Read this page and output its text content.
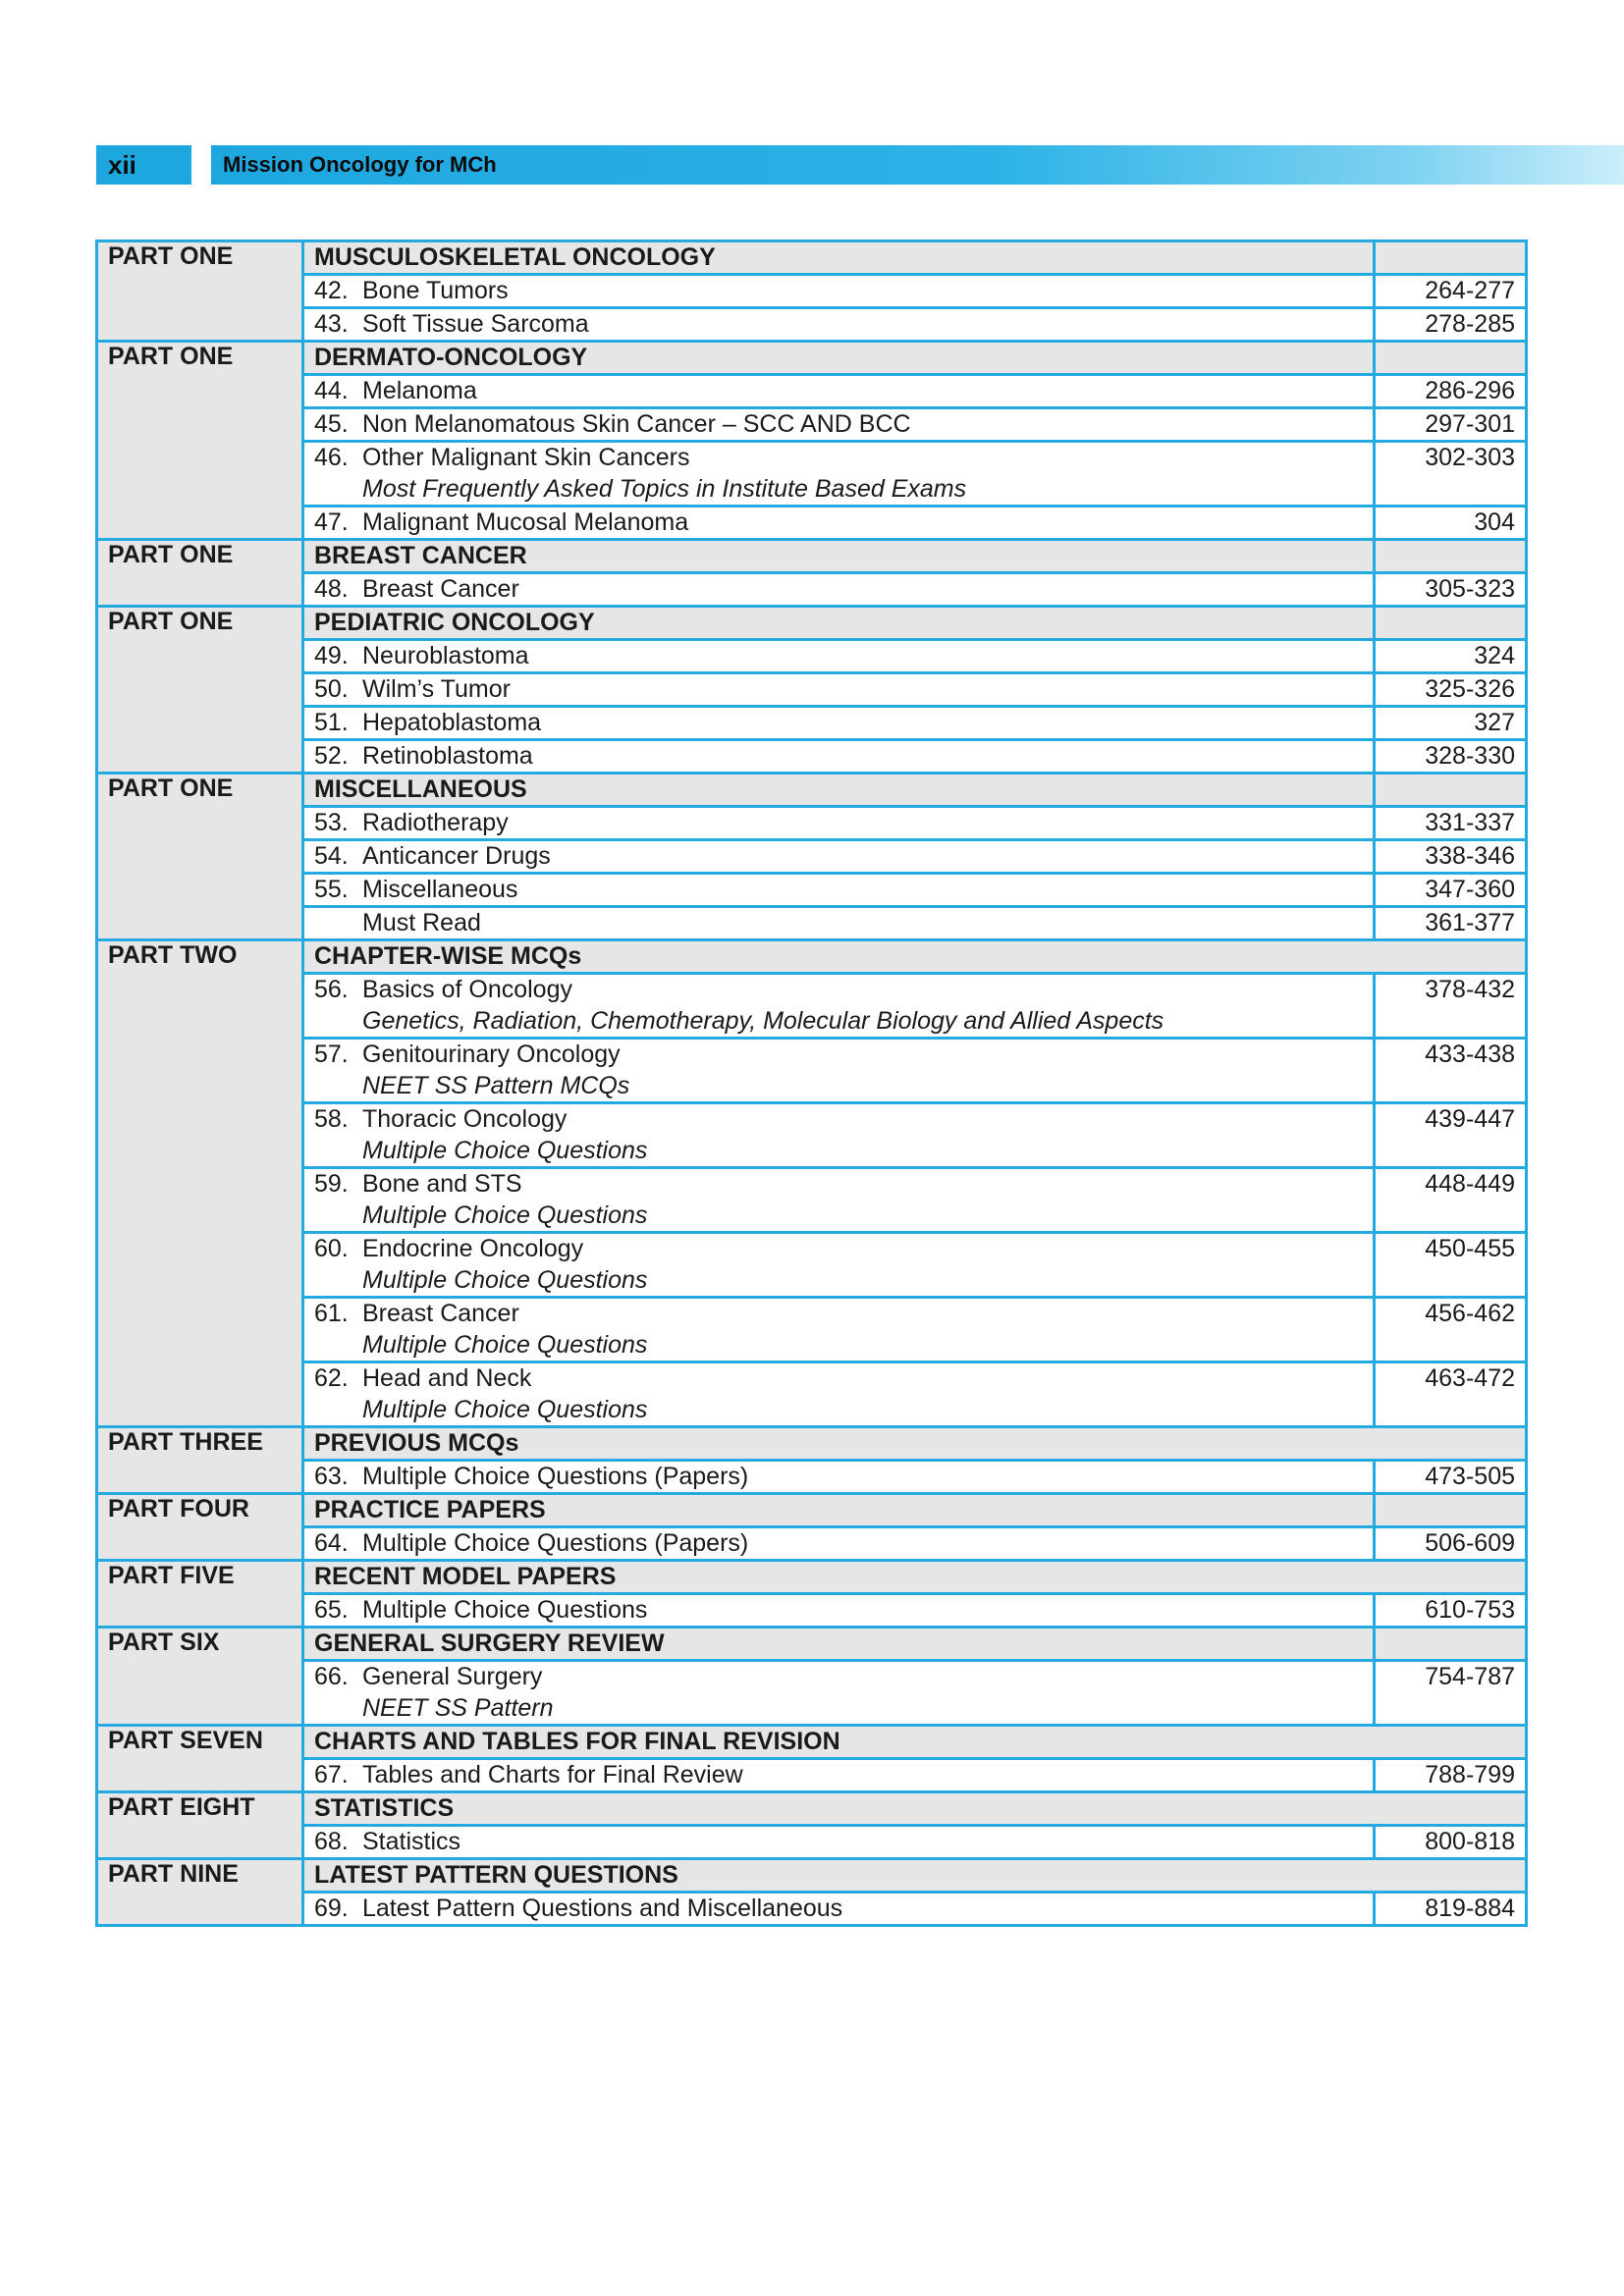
xii	Mission Oncology for MCh
PART ONE	MUSCULOSKELETAL ONCOLOGY	
	42. Bone Tumors	264-277
	43. Soft Tissue Sarcoma	278-285
PART ONE	DERMATO-ONCOLOGY	
	44. Melanoma	286-296
	45. Non Melanomatous Skin Cancer – SCC AND BCC	297-301
	46. Other Malignant Skin Cancers
Most Frequently Asked Topics in Institute Based Exams	302-303
	47. Malignant Mucosal Melanoma	304
PART ONE	BREAST CANCER	
	48. Breast Cancer	305-323
PART ONE	PEDIATRIC ONCOLOGY	
	49. Neuroblastoma	324
	50. Wilm’s Tumor	325-326
	51. Hepatoblastoma	327
	52. Retinoblastoma	328-330
PART ONE	MISCELLANEOUS	
	53. Radiotherapy	331-337
	54. Anticancer Drugs	338-346
	55. Miscellaneous	347-360
	Must Read	361-377
PART TWO	CHAPTER-WISE MCQs	
	56. Basics of Oncology
Genetics, Radiation, Chemotherapy, Molecular Biology and Allied Aspects	378-432
	57. Genitourinary Oncology
NEET SS Pattern MCQs	433-438
	58. Thoracic Oncology
Multiple Choice Questions	439-447
	59. Bone and STS
Multiple Choice Questions	448-449
	60. Endocrine Oncology
Multiple Choice Questions	450-455
	61. Breast Cancer
Multiple Choice Questions	456-462
	62. Head and Neck
Multiple Choice Questions	463-472
PART THREE	PREVIOUS MCQs	
	63. Multiple Choice Questions (Papers)	473-505
PART FOUR	PRACTICE PAPERS	
	64. Multiple Choice Questions (Papers)	506-609
PART FIVE	RECENT MODEL PAPERS	
	65. Multiple Choice Questions	610-753
PART SIX	GENERAL SURGERY REVIEW	
	66. General Surgery
NEET SS Pattern	754-787
PART SEVEN	CHARTS AND TABLES FOR FINAL REVISION	
	67. Tables and Charts for Final Review	788-799
PART EIGHT	STATISTICS	
	68. Statistics	800-818
PART NINE	LATEST PATTERN QUESTIONS	
	69. Latest Pattern Questions and Miscellaneous	819-884
